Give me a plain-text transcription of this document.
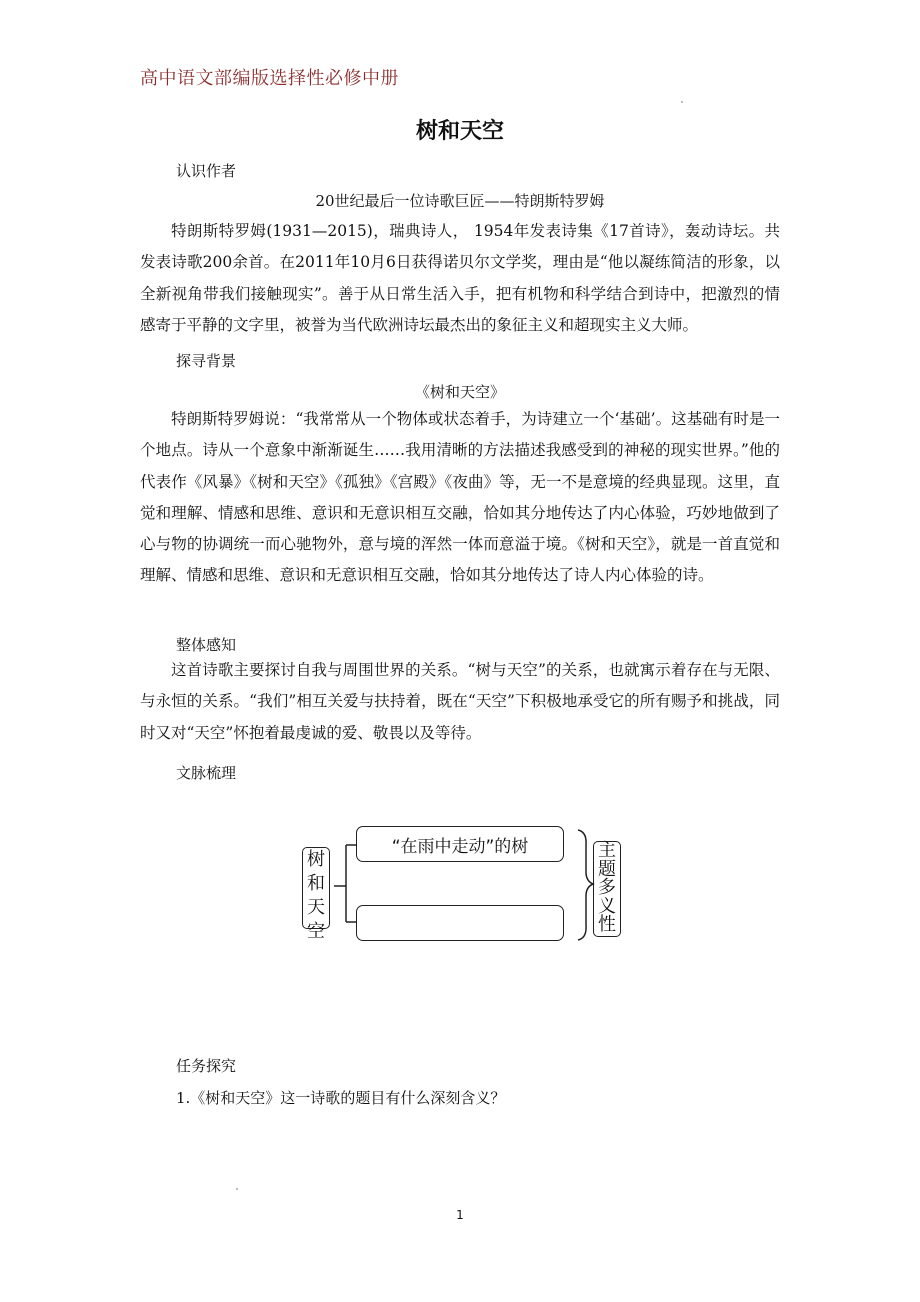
高中语文部编版选择性必修中册
树和天空
认识作者
20世纪最后一位诗歌巨匠——特朗斯特罗姆

特朗斯特罗姆(1931—2015)，瑞典诗人， 1954年发表诗集《17首诗》，轰动诗坛。共发表诗歌200余首。在2011年10月6日获得诺贝尔文学奖，理由是“他以凝练简洁的形象，以全新视角带我们接触现实”。善于从日常生活入手，把有机物和科学结合到诗中，把激烈的情感寄于平静的文字里，被誉为当代欧洲诗坛最杰出的象征主义和超现实主义大师。

探寻背景
《树和天空》

特朗斯特罗姆说：“我常常从一个物体或状态着手，为诗建立一个‘基础’。这基础有时是一个地点。诗从一个意象中渐渐诞生……我用清晰的方法描述我感受到的神秘的现实世界。”他的代表作《风暴》《树和天空》《孤独》《宫殿》《夜曲》等，无一不是意境的经典显现。这里，直觉和理解、情感和思维、意识和无意识相互交融，恰如其分地传达了内心体验，巧妙地做到了心与物的协调统一而心驰物外，意与境的浑然一体而意溢于境。《树和天空》，就是一首直觉和理解、情感和思维、意识和无意识相互交融，恰如其分地传达了诗人内心体验的诗。

整体感知

这首诗歌主要探讨自我与周围世界的关系。“树与天空”的关系，也就寓示着存在与无限、与永恒的关系。“我们”相互关爱与扶持着，既在“天空”下积极地承受它的所有赐予和挑战，同时又对“天空”怀抱着最虔诚的爱、敬畏以及等待。

文脉梳理
树和天空
“在雨中走动”的树	主题多义性
任务探究
1.《树和天空》这一诗歌的题目有什么深刻含义？
1
